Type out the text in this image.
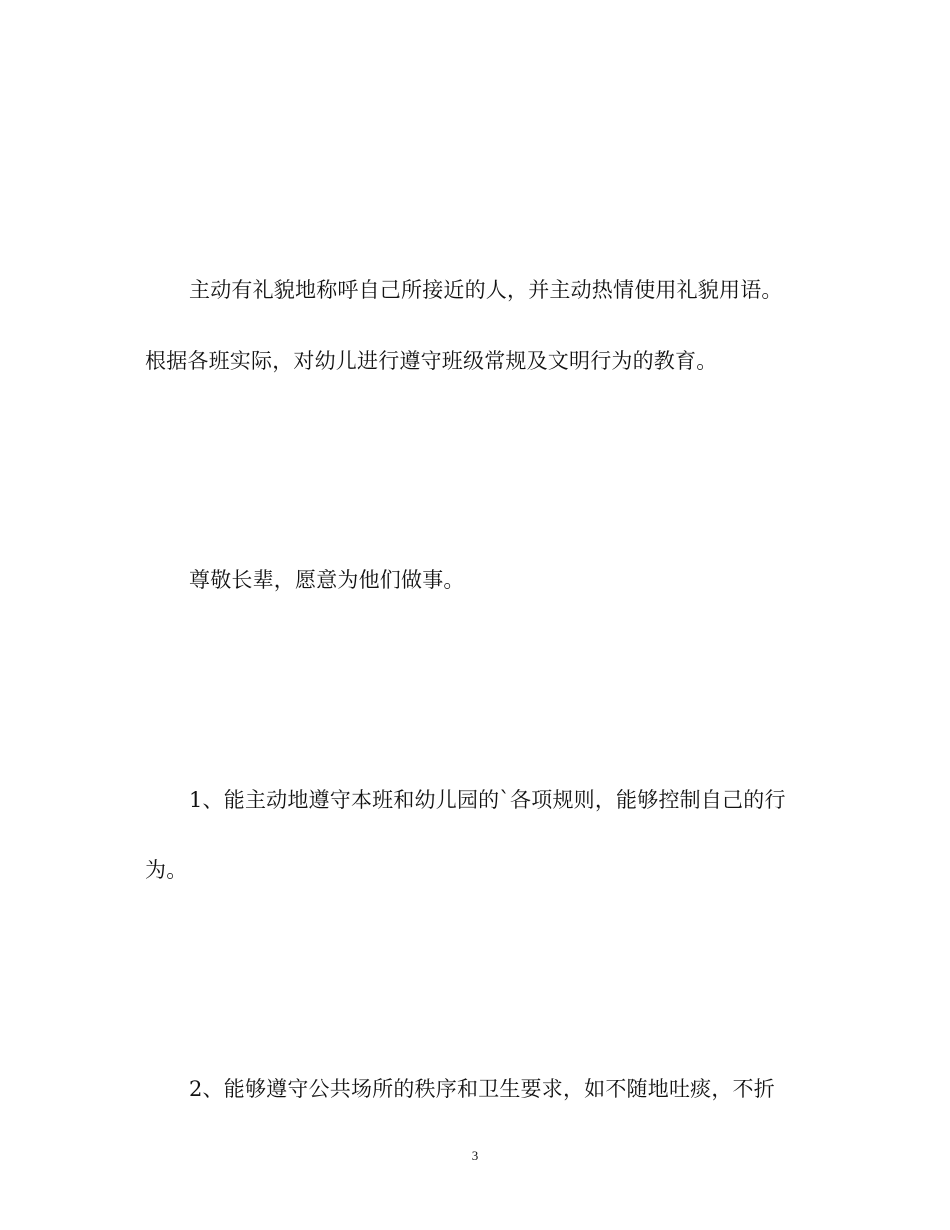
主动有礼貌地称呼自己所接近的人，并主动热情使用礼貌用语。
根据各班实际，对幼儿进行遵守班级常规及文明行为的教育。
尊敬长辈，愿意为他们做事。
1、能主动地遵守本班和幼儿园的`各项规则，能够控制自己的行
为。
2、能够遵守公共场所的秩序和卫生要求，如不随地吐痰，不折
3
